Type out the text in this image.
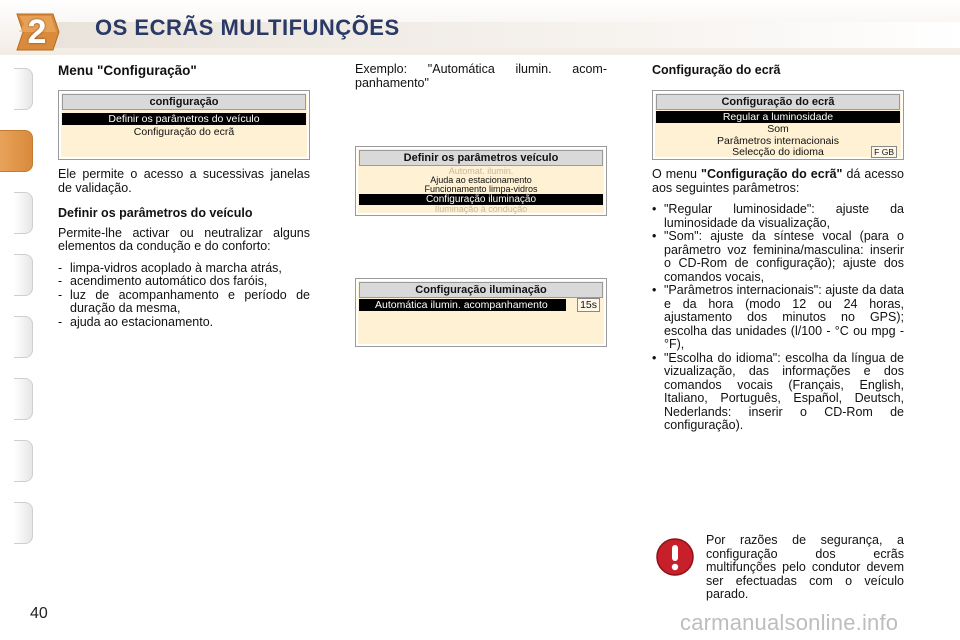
2	OS ECRÃS MULTIFUNÇÕES
Menu "Configuração"
configuração
Definir os parâmetros do veículo
Configuração do ecrã

Ele permite o acesso a sucessivas janelas de validação.

Definir os parâmetros do veículo

Permite-lhe activar ou neutralizar alguns elementos da condução e do conforto:

- limpa-vidros acoplado à marcha atrás,
- acendimento automático dos faróis,
- luz de acompanhamento e período de duração da mesma,
- ajuda ao estacionamento.

Exemplo: "Automática ilumin. acom-panhamento"

Definir os parâmetros veículo
Automat. ilumin.
Ajuda ao estacionamento
Funcionamento limpa-vidros
Configuração iluminação
Iluminação à condução
Configuração iluminação
Automática ilumin. acompanhamento	15s
Configuração do ecrã
Configuração do ecrã
Regular a luminosidade
Som
Parâmetros internacionais
Selecção do idioma	F GB

O menu "Configuração do ecrã" dá acesso aos seguintes parâmetros:

• "Regular luminosidade": ajuste da luminosidade da visualização,
• "Som": ajuste da síntese vocal (para o parâmetro voz feminina/masculina: inserir o CD-Rom de configuração); ajuste dos comandos vocais,
• "Parâmetros internacionais": ajuste da data e da hora (modo 12 ou 24 horas, ajustamento dos minutos no GPS); escolha das unidades (l/100 - °C ou mpg - °F),
• "Escolha do idioma": escolha da língua de vizualização, das informações e dos comandos vocais (Français, English, Italiano, Português, Español, Deutsch, Nederlands: inserir o CD-Rom de configuração).

Por razões de segurança, a configuração dos ecrãs multifunções pelo condutor devem ser efectuadas com o veículo parado.

40	carmanualsonline.info
